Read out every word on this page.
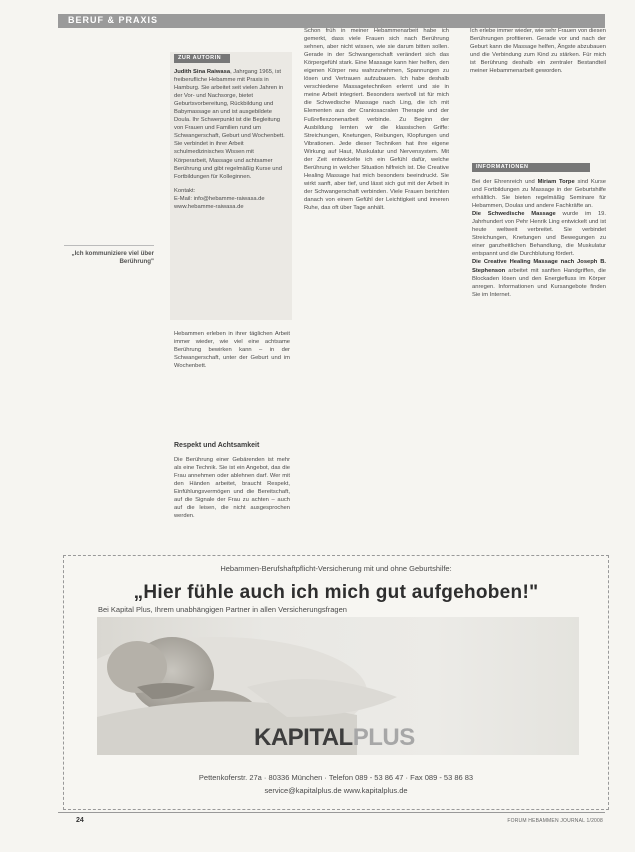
BERUF & PRAXIS
„Ich kommuniziere viel über Berührung"
ZUR AUTORIN

Judith Sina Raiwasa, Jahrgang 1965, ist freiberufliche Hebamme mit Praxis in Hamburg. Sie arbeitet seit vielen Jahren in der Vor- und Nachsorge, bietet Geburtsvorbereitung, Rückbildung und Babymassage an und ist ausgebildete Doula. Ihr Schwerpunkt ist die Begleitung von Frauen und Familien rund um Schwangerschaft, Geburt und Wochenbett. Sie verbindet in ihrer Arbeit schulmedizinisches Wissen mit Körperarbeit, Massage und achtsamer Berührung und gibt regelmäßig Kurse und Fortbildungen für Kolleginnen.

Kontakt:

E-Mail: info@hebamme-raiwasa.de

www.hebamme-raiwasa.de

Hebammen erleben in ihrer täglichen Arbeit immer wieder, wie viel eine achtsame Berührung bewirken kann – in der Schwangerschaft, unter der Geburt und im Wochenbett.

Respekt und Achtsamkeit

Die Berührung einer Gebärenden ist mehr als eine Technik. Sie ist ein Angebot, das die Frau annehmen oder ablehnen darf. Wer mit den Händen arbeitet, braucht Respekt, Einfühlungsvermögen und die Bereitschaft, auf die Signale der Frau zu achten – auch auf die leisen, die nicht ausgesprochen werden.

Schon früh in meiner Hebammenarbeit habe ich gemerkt, dass viele Frauen sich nach Berührung sehnen, aber nicht wissen, wie sie darum bitten sollen. Gerade in der Schwangerschaft verändert sich das Körpergefühl stark. Eine Massage kann hier helfen, den eigenen Körper neu wahrzunehmen, Spannungen zu lösen und Vertrauen aufzubauen. Ich habe deshalb verschiedene Massagetechniken erlernt und sie in meine Arbeit integriert. Besonders wertvoll ist für mich die Schwedische Massage nach Ling, die ich mit Elementen aus der Craniosacralen Therapie und der Fußreflexzonenarbeit verbinde. Zu Beginn der Ausbildung lernten wir die klassischen Griffe: Streichungen, Knetungen, Reibungen, Klopfungen und Vibrationen. Jede dieser Techniken hat ihre eigene Wirkung auf Haut, Muskulatur und Nervensystem. Mit der Zeit entwickelte ich ein Gefühl dafür, welche Berührung in welcher Situation hilfreich ist. Die Creative Healing Massage hat mich besonders beeindruckt. Sie wirkt sanft, aber tief, und lässt sich gut mit der Arbeit in der Schwangerschaft verbinden. Viele Frauen berichten danach von einem Gefühl der Leichtigkeit und inneren Ruhe, das oft über Tage anhält.

Ich erlebe immer wieder, wie sehr Frauen von diesen Berührungen profitieren. Gerade vor und nach der Geburt kann die Massage helfen, Ängste abzubauen und die Verbindung zum Kind zu stärken. Für mich ist Berührung deshalb ein zentraler Bestandteil meiner Hebammenarbeit geworden.

INFORMATIONEN

Bei der Ehrenreich und Miriam Torpe sind Kurse und Fortbildungen zu Massage in der Geburtshilfe erhältlich. Sie bieten regelmäßig Seminare für Hebammen, Doulas und andere Fachkräfte an.

Die Schwedische Massage wurde im 19. Jahrhundert von Pehr Henrik Ling entwickelt und ist heute weltweit verbreitet. Sie verbindet Streichungen, Knetungen und Bewegungen zu einer ganzheitlichen Behandlung, die Muskulatur entspannt und die Durchblutung fördert.

Die Creative Healing Massage nach Joseph B. Stephenson arbeitet mit sanften Handgriffen, die Blockaden lösen und den Energiefluss im Körper anregen. Informationen und Kursangebote finden Sie im Internet.

Hebammen-Berufshaftpflicht-Versicherung mit und ohne Geburtshilfe:
„Hier fühle auch ich mich gut aufgehoben!"
Bei Kapital Plus, Ihrem unabhängigen Partner in allen Versicherungsfragen
KAPITALPLUS
Pettenkoferstr. 27a · 80336 München · Telefon 089 - 53 86 47 · Fax 089 - 53 86 83
service@kapitalplus.de www.kapitalplus.de
24	FORUM HEBAMMEN JOURNAL 1/2008
